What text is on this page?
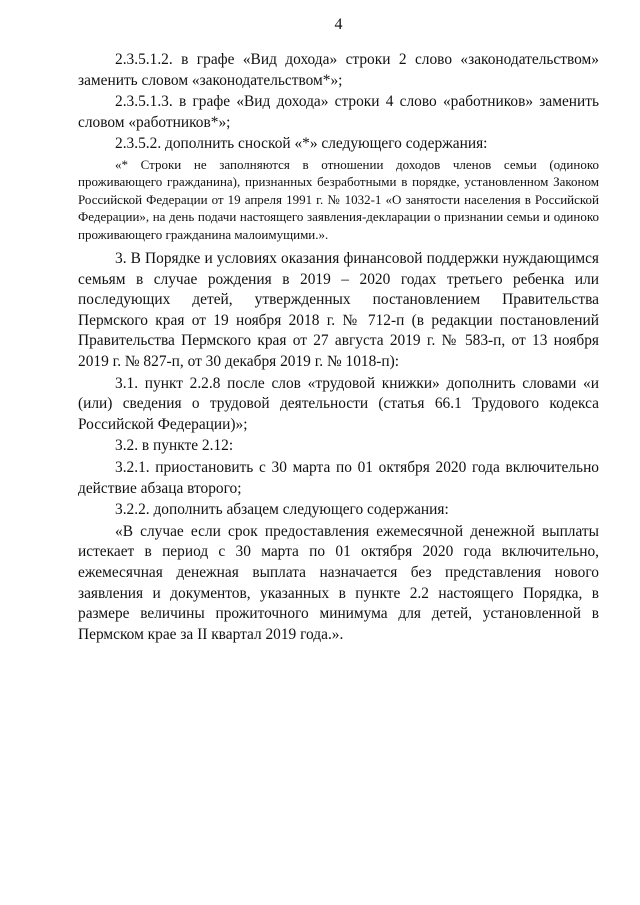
4

2.3.5.1.2. в графе «Вид дохода» строки 2 слово «законодательством» заменить словом «законодательством*»;

2.3.5.1.3. в графе «Вид дохода» строки 4 слово «работников» заменить словом «работников*»;

2.3.5.2. дополнить сноской «*» следующего содержания:

«* Строки не заполняются в отношении доходов членов семьи (одиноко проживающего гражданина), признанных безработными в порядке, установленном Законом Российской Федерации от 19 апреля 1991 г. № 1032-1 «О занятости населения в Российской Федерации», на день подачи настоящего заявления-декларации о признании семьи и одиноко проживающего гражданина малоимущими.».

3. В Порядке и условиях оказания финансовой поддержки нуждающимся семьям в случае рождения в 2019 – 2020 годах третьего ребенка или последующих детей, утвержденных постановлением Правительства Пермского края от 19 ноября 2018 г. № 712-п (в редакции постановлений Правительства Пермского края от 27 августа 2019 г. № 583-п, от 13 ноября 2019 г. № 827-п, от 30 декабря 2019 г. № 1018-п):

3.1. пункт 2.2.8 после слов «трудовой книжки» дополнить словами «и (или) сведения о трудовой деятельности (статья 66.1 Трудового кодекса Российской Федерации)»;

3.2. в пункте 2.12:

3.2.1. приостановить с 30 марта по 01 октября 2020 года включительно действие абзаца второго;

3.2.2. дополнить абзацем следующего содержания:

«В случае если срок предоставления ежемесячной денежной выплаты истекает в период с 30 марта по 01 октября 2020 года включительно, ежемесячная денежная выплата назначается без представления нового заявления и документов, указанных в пункте 2.2 настоящего Порядка, в размере величины прожиточного минимума для детей, установленной в Пермском крае за II квартал 2019 года.».
